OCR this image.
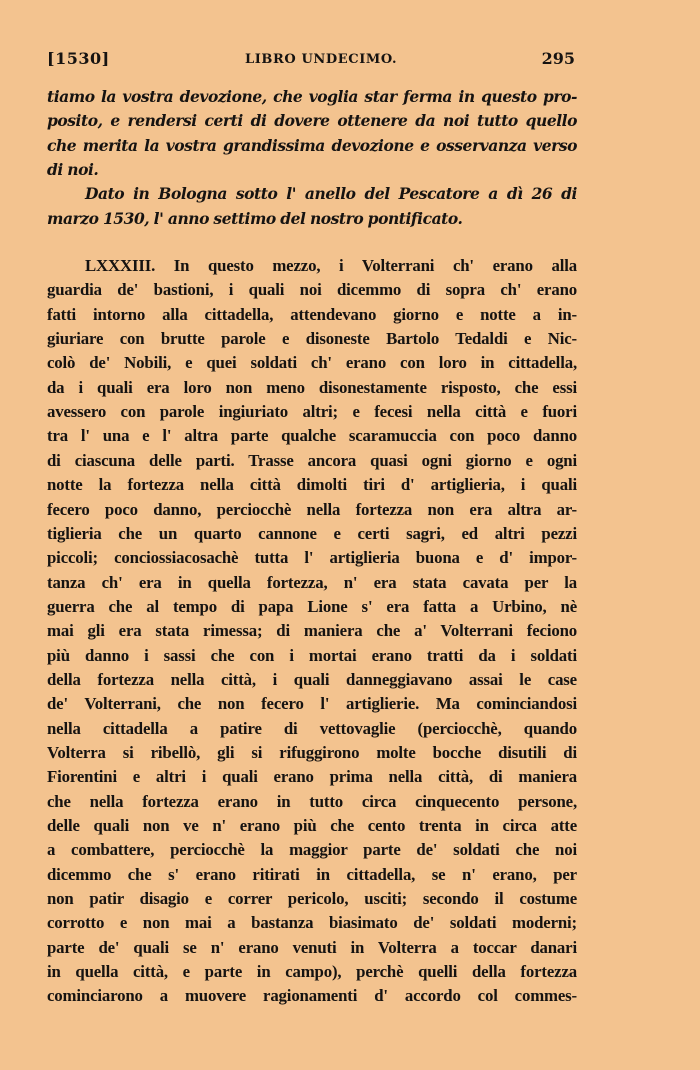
[1530]	LIBRO UNDECIMO.	295
tiamo la vostra devozione, che voglia star ferma in questo pro-
posito, e rendersi certi di dovere ottenere da noi tutto quello
che merita la vostra grandissima devozione e osservanza verso
di noi.
Dato in Bologna sotto l' anello del Pescatore a dì 26 di
marzo 1530, l' anno settimo del nostro pontificato.
LXXXIII. In questo mezzo, i Volterrani ch' erano alla
guardia de' bastioni, i quali noi dicemmo di sopra ch' erano
fatti intorno alla cittadella, attendevano giorno e notte a in-
giuriare con brutte parole e disoneste Bartolo Tedaldi e Nic-
colò de' Nobili, e quei soldati ch' erano con loro in cittadella,
da i quali era loro non meno disonestamente risposto, che essi
avessero con parole ingiuriato altri; e fecesi nella città e fuori
tra l' una e l' altra parte qualche scaramuccia con poco danno
di ciascuna delle parti. Trasse ancora quasi ogni giorno e ogni
notte la fortezza nella città dimolti tiri d' artiglieria, i quali
fecero poco danno, perciocchè nella fortezza non era altra ar-
tiglieria che un quarto cannone e certi sagri, ed altri pezzi
piccoli; conciossiacosachè tutta l' artiglieria buona e d' impor-
tanza ch' era in quella fortezza, n' era stata cavata per la
guerra che al tempo di papa Lione s' era fatta a Urbino, nè
mai gli era stata rimessa; di maniera che a' Volterrani feciono
più danno i sassi che con i mortai erano tratti da i soldati
della fortezza nella città, i quali danneggiavano assai le case
de' Volterrani, che non fecero l' artiglierie. Ma cominciandosi
nella cittadella a patire di vettovaglie (perciocchè, quando
Volterra si ribellò, gli si rifuggirono molte bocche disutili di
Fiorentini e altri i quali erano prima nella città, di maniera
che nella fortezza erano in tutto circa cinquecento persone,
delle quali non ve n' erano più che cento trenta in circa atte
a combattere, perciocchè la maggior parte de' soldati che noi
dicemmo che s' erano ritirati in cittadella, se n' erano, per
non patir disagio e correr pericolo, usciti; secondo il costume
corrotto e non mai a bastanza biasimato de' soldati moderni;
parte de' quali se n' erano venuti in Volterra a toccar danari
in quella città, e parte in campo), perchè quelli della fortezza
cominciarono a muovere ragionamenti d' accordo col commes-
